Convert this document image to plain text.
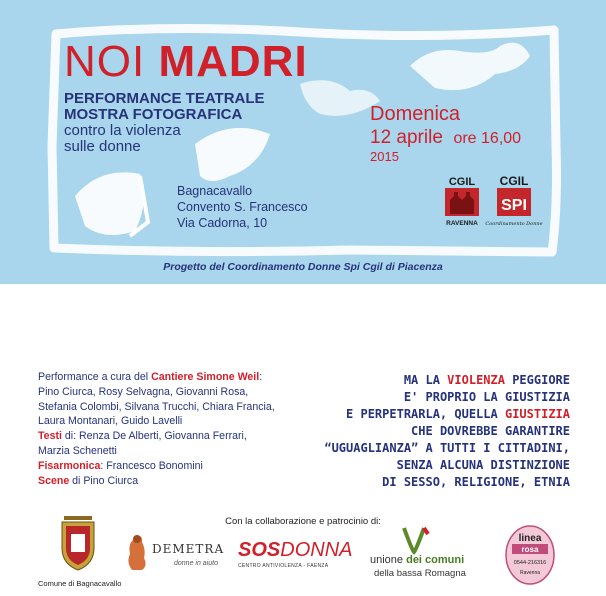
NOI MADRI
PERFORMANCE TEATRALE
MOSTRA FOTOGRAFICA
contro la violenza
sulle donne
Bagnacavallo
Convento S. Francesco
Via Cadorna, 10
Domenica
12 aprile ore 16,00
2015
CGIL
RAVENNA
CGIL
SPI
Coordinamento Donne
Progetto del Coordinamento Donne Spi Cgil di Piacenza
Performance a cura del Cantiere Simone Weil:
Pino Ciurca, Rosy Selvagna, Giovanni Rosa,
Stefania Colombi, Silvana Trucchi, Chiara Francia,
Laura Montanari, Guido Lavelli
Testi di: Renza De Alberti, Giovanna Ferrari,
Marzia Schenetti
Fisarmonica: Francesco Bonomini
Scene di Pino Ciurca
MA LA VIOLENZA PEGGIORE
E' PROPRIO LA GIUSTIZIA
E PERPETRARLA, QUELLA GIUSTIZIA
CHE DOVREBBE GARANTIRE
“UGUAGLIANZA” A TUTTI I CITTADINI,
SENZA ALCUNA DISTINZIONE
DI SESSO, RELIGIONE, ETNIA
Con la collaborazione e patrocinio di:
Comune di Bagnacavallo
DEMETRA
donne in aiuto
SOSDONNA
CENTRO ANTIVIOLENZA - FAENZA	unione dei comuni
della bassa Romagna
linea
rosa
0544-216316
Ravenna
